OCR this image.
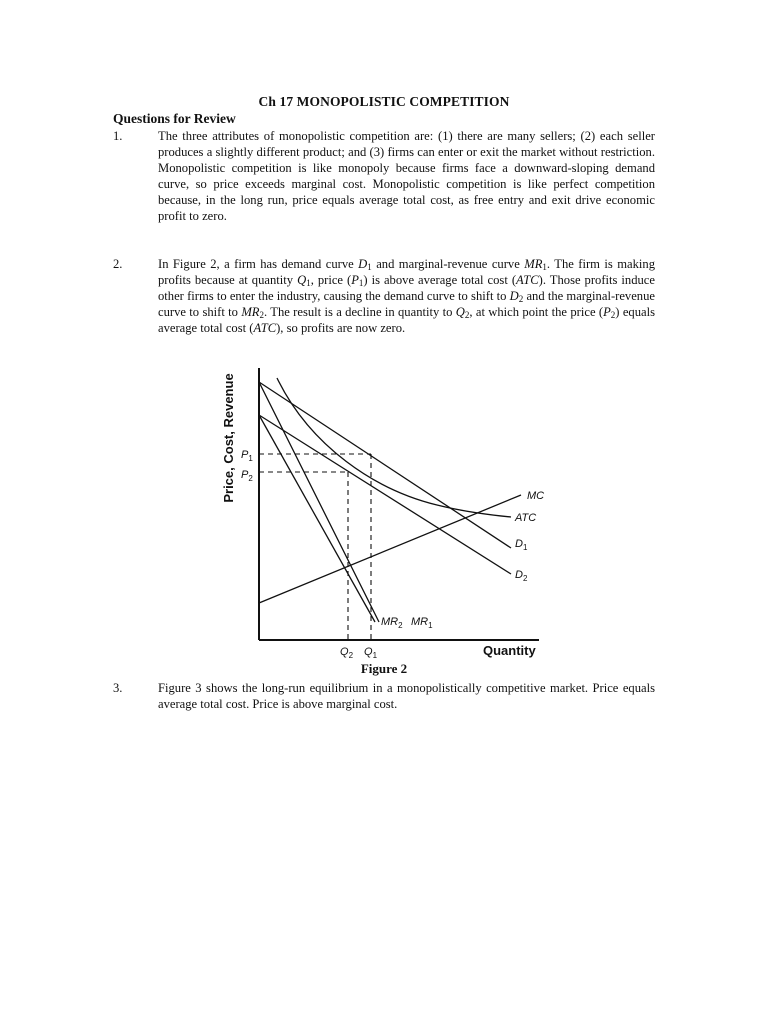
Ch 17 MONOPOLISTIC COMPETITION
Questions for Review
1.	The three attributes of monopolistic competition are: (1) there are many sellers; (2) each seller produces a slightly different product; and (3) firms can enter or exit the market without restriction. Monopolistic competition is like monopoly because firms face a downward-sloping demand curve, so price exceeds marginal cost. Monopolistic competition is like perfect competition because, in the long run, price equals average total cost, as free entry and exit drive economic profit to zero.
2.	In Figure 2, a firm has demand curve $D_1$ and marginal-revenue curve $MR_1$. The firm is making profits because at quantity $Q_1$, price $(P_1)$ is above average total cost (ATC). Those profits induce other firms to enter the industry, causing the demand curve to shift to $D_2$ and the marginal-revenue curve to shift to $MR_2$. The result is a decline in quantity to $Q_2$, at which point the price $(P_2)$ equals average total cost (ATC), so profits are now zero.
Price, Cost, Revenue $P_1$
$P_2$
$Q_2$ $Q_1$	Quantity
$MR_2$ $MR_1$
MC
ATC
$D_1$
$D_2$
Figure 2
3.	Figure 3 shows the long-run equilibrium in a monopolistically competitive market. Price equals average total cost. Price is above marginal cost.
